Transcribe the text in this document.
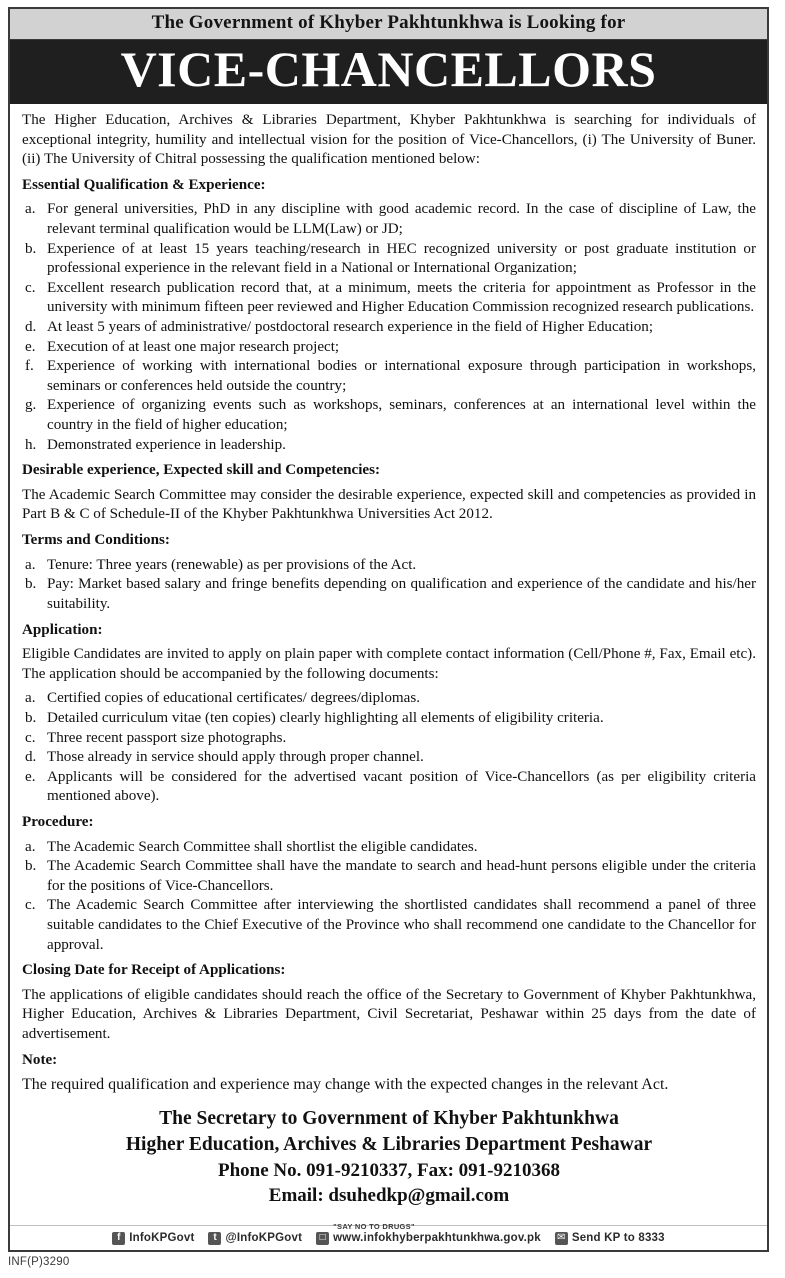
The Government of Khyber Pakhtunkhwa is Looking for
VICE-CHANCELLORS

The Higher Education, Archives & Libraries Department, Khyber Pakhtunkhwa is searching for individuals of exceptional integrity, humility and intellectual vision for the position of Vice-Chancellors, (i) The University of Buner. (ii) The University of Chitral possessing the qualification mentioned below:

Essential Qualification & Experience:
a. For general universities, PhD in any discipline with good academic record. In the case of discipline of Law, the relevant terminal qualification would be LLM(Law) or JD;
b. Experience of at least 15 years teaching/research in HEC recognized university or post graduate institution or professional experience in the relevant field in a National or International Organization;
c. Excellent research publication record that, at a minimum, meets the criteria for appointment as Professor in the university with minimum fifteen peer reviewed and Higher Education Commission recognized research publications.
d. At least 5 years of administrative/ postdoctoral research experience in the field of Higher Education;
e. Execution of at least one major research project;
f. Experience of working with international bodies or international exposure through participation in workshops, seminars or conferences held outside the country;
g. Experience of organizing events such as workshops, seminars, conferences at an international level within the country in the field of higher education;
h. Demonstrated experience in leadership.
Desirable experience, Expected skill and Competencies:

The Academic Search Committee may consider the desirable experience, expected skill and competencies as provided in Part B & C of Schedule-II of the Khyber Pakhtunkhwa Universities Act 2012.

Terms and Conditions:
a. Tenure: Three years (renewable) as per provisions of the Act.
b. Pay: Market based salary and fringe benefits depending on qualification and experience of the candidate and his/her suitability.
Application:

Eligible Candidates are invited to apply on plain paper with complete contact information (Cell/Phone #, Fax, Email etc). The application should be accompanied by the following documents:

a. Certified copies of educational certificates/ degrees/diplomas.
b. Detailed curriculum vitae (ten copies) clearly highlighting all elements of eligibility criteria.
c. Three recent passport size photographs.
d. Those already in service should apply through proper channel.
e. Applicants will be considered for the advertised vacant position of Vice-Chancellors (as per eligibility criteria mentioned above).
Procedure:
a. The Academic Search Committee shall shortlist the eligible candidates.
b. The Academic Search Committee shall have the mandate to search and head-hunt persons eligible under the criteria for the positions of Vice-Chancellors.
c. The Academic Search Committee after interviewing the shortlisted candidates shall recommend a panel of three suitable candidates to the Chief Executive of the Province who shall recommend one candidate to the Chancellor for approval.
Closing Date for Receipt of Applications:

The applications of eligible candidates should reach the office of the Secretary to Government of Khyber Pakhtunkhwa, Higher Education, Archives & Libraries Department, Civil Secretariat, Peshawar within 25 days from the date of advertisement.

Note:

The required qualification and experience may change with the expected changes in the relevant Act.

The Secretary to Government of Khyber Pakhtunkhwa
Higher Education, Archives & Libraries Department Peshawar
Phone No. 091-9210337, Fax: 091-9210368
Email: dsuhedkp@gmail.com
f InfoKPGovt	t @InfoKPGovt
"SAY NO TO DRUGS"
□ www.infokhyberpakhtunkhwa.gov.pk ✉ Send KP to 8333
INF(P)3290
